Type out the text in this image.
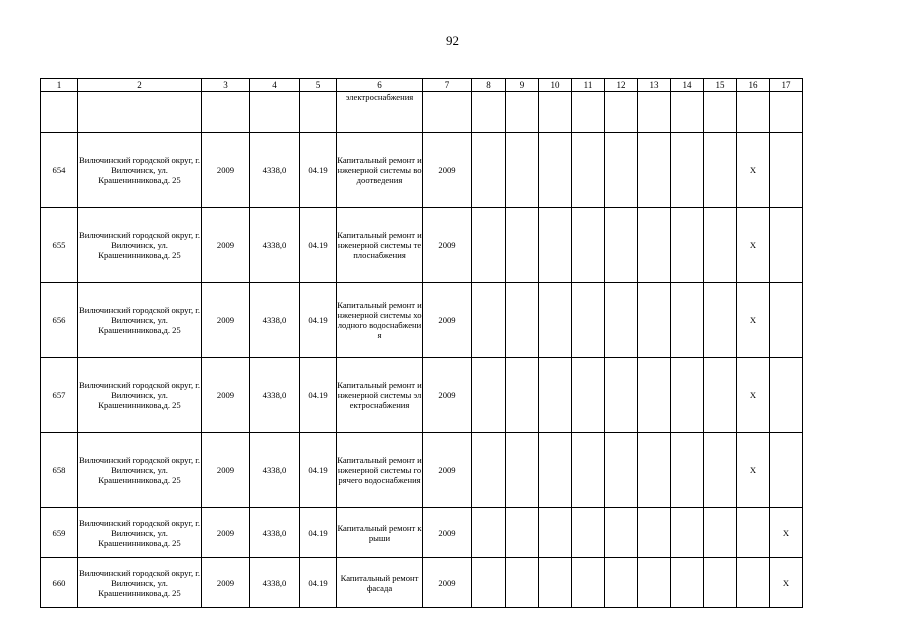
92
1	2	3	4	5	6	7	8	9	10	11	12	13	14	15	16	17
					электроснабжения											
654	Вилючинский городской округ, г. Вилючинск, ул. Крашенинникова,д. 25	2009	4338,0	04.19	Капитальный ремонт инженерной системы водоотведения	2009									X	
655	Вилючинский городской округ, г. Вилючинск, ул. Крашенинникова,д. 25	2009	4338,0	04.19	Капитальный ремонт инженерной системы теплоснабжения	2009									X	
656	Вилючинский городской округ, г. Вилючинск, ул. Крашенинникова,д. 25	2009	4338,0	04.19	Капитальный ремонт инженерной системы холодного водоснабжения	2009									X	
657	Вилючинский городской округ, г. Вилючинск, ул. Крашенинникова,д. 25	2009	4338,0	04.19	Капитальный ремонт инженерной системы электроснабжения	2009									X	
658	Вилючинский городской округ, г. Вилючинск, ул. Крашенинникова,д. 25	2009	4338,0	04.19	Капитальный ремонт инженерной системы горячего водоснабжения	2009									X	
659	Вилючинский городской округ, г. Вилючинск, ул. Крашенинникова,д. 25	2009	4338,0	04.19	Капитальный ремонт крыши	2009										X
660	Вилючинский городской округ, г. Вилючинск, ул. Крашенинникова,д. 25	2009	4338,0	04.19	Капитальный ремонт фасада	2009										X
